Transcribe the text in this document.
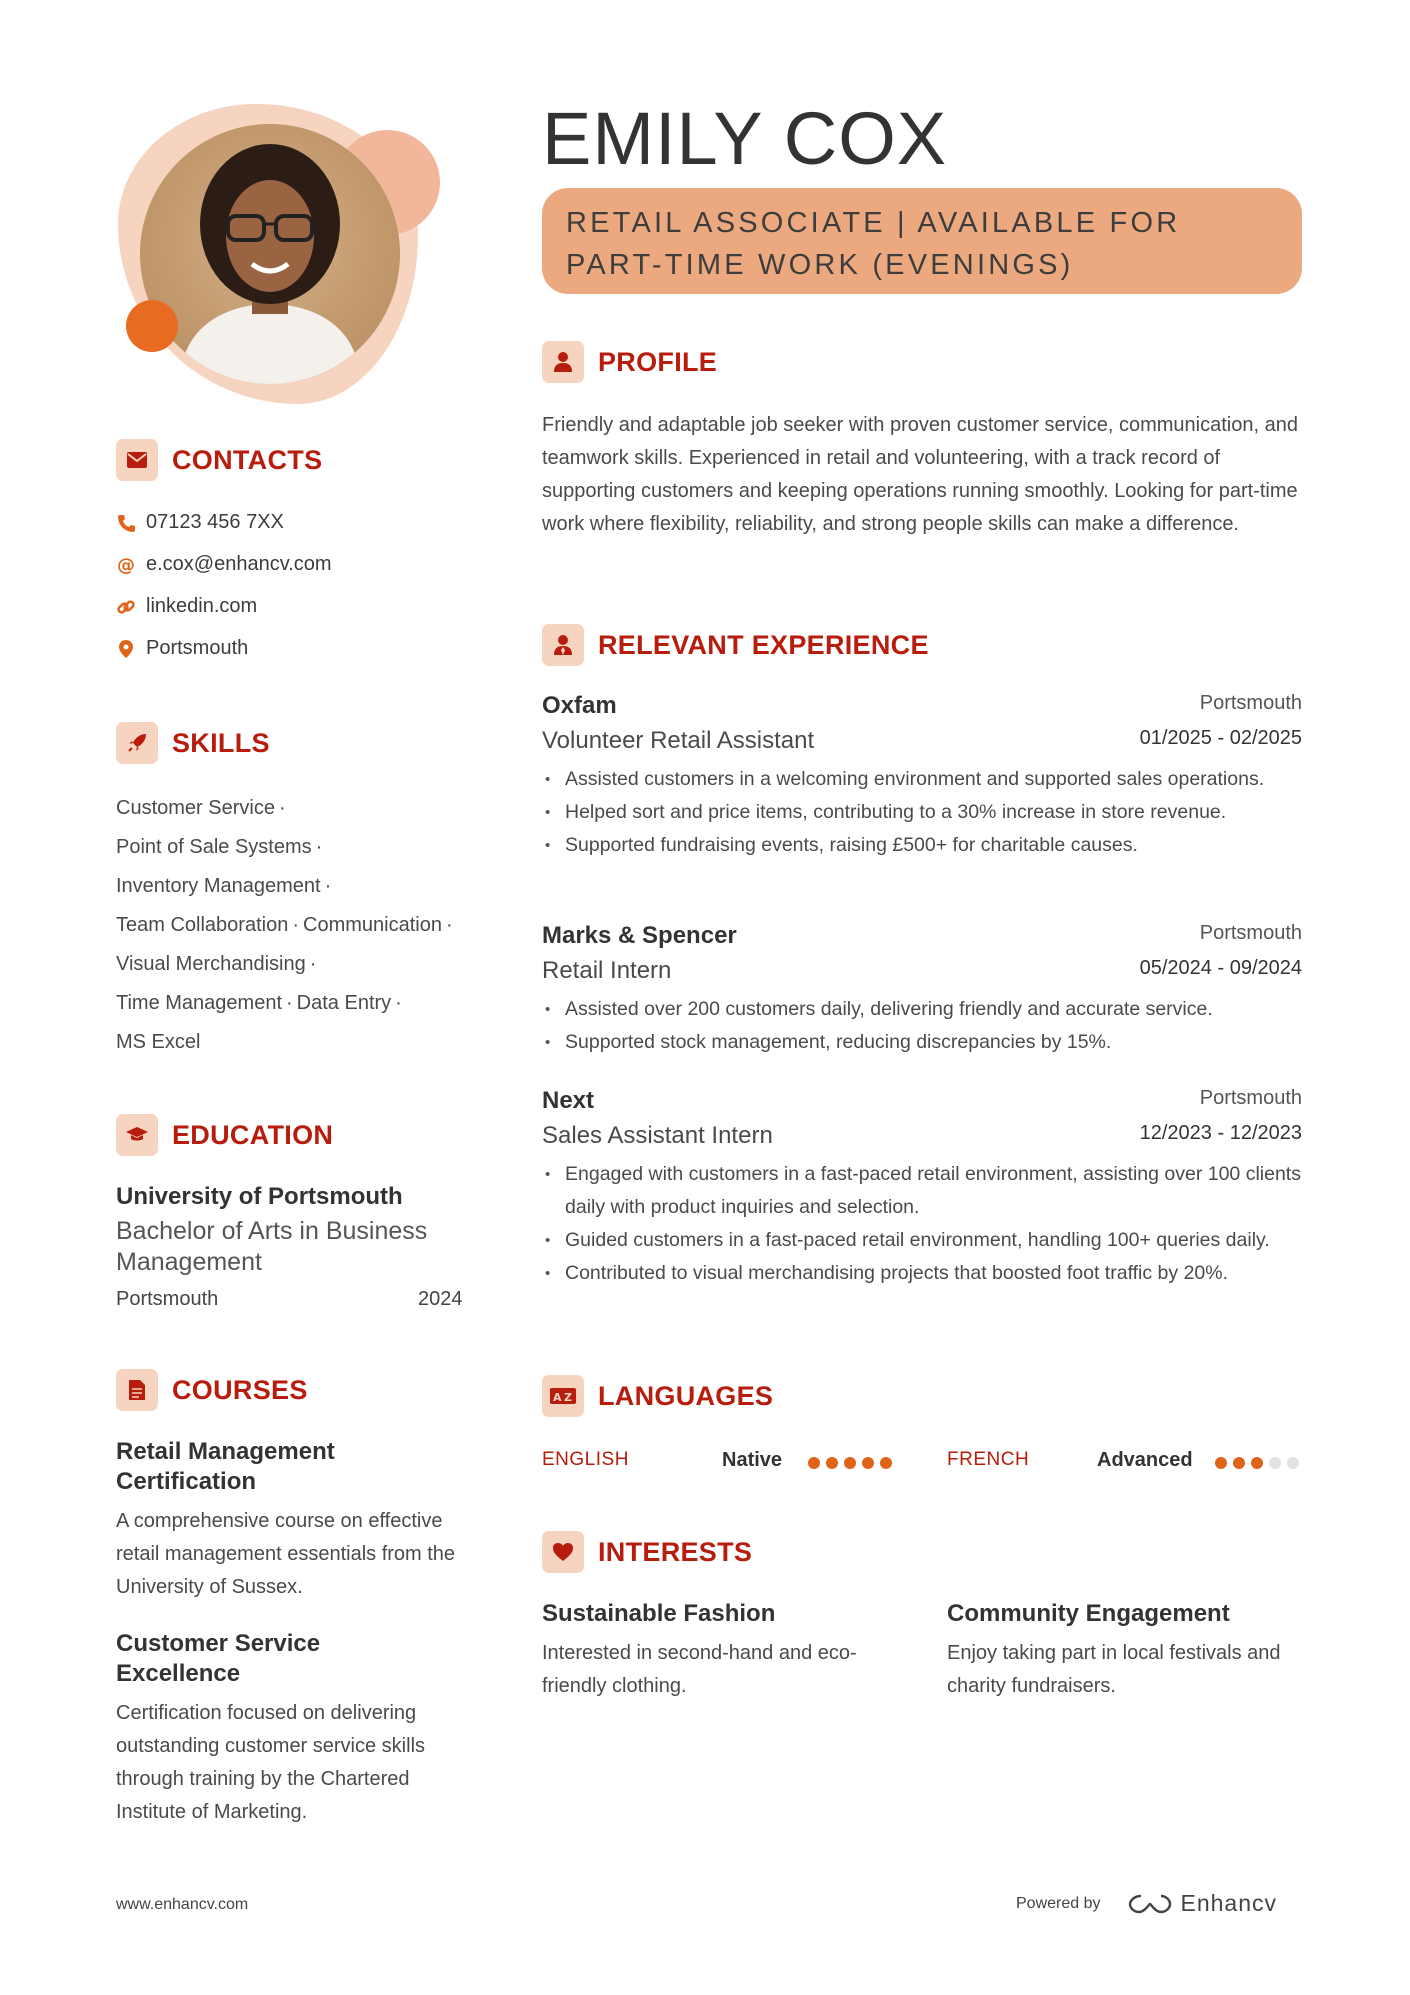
EMILY COX
RETAIL ASSOCIATE | AVAILABLE FOR PART-TIME WORK (EVENINGS)
CONTACTS
07123 456 7XX
@ e.cox@enhancv.com
linkedin.com
Portsmouth
SKILLS
Customer Service ·
Point of Sale Systems ·
Inventory Management ·
Team Collaboration · Communication ·
Visual Merchandising ·
Time Management · Data Entry ·
MS Excel
EDUCATION
University of Portsmouth
Bachelor of Arts in Business Management
Portsmouth	2024
COURSES
Retail Management Certification
A comprehensive course on effective retail management essentials from the University of Sussex.
Customer Service Excellence
Certification focused on delivering outstanding customer service skills through training by the Chartered Institute of Marketing.
PROFILE
Friendly and adaptable job seeker with proven customer service, communication, and teamwork skills. Experienced in retail and volunteering, with a track record of supporting customers and keeping operations running smoothly. Looking for part-time work where flexibility, reliability, and strong people skills can make a difference.
RELEVANT EXPERIENCE
Oxfam	Portsmouth
Volunteer Retail Assistant	01/2025 - 02/2025
• Assisted customers in a welcoming environment and supported sales operations.
• Helped sort and price items, contributing to a 30% increase in store revenue.
• Supported fundraising events, raising £500+ for charitable causes.
Marks & Spencer	Portsmouth
Retail Intern	05/2024 - 09/2024
• Assisted over 200 customers daily, delivering friendly and accurate service.
• Supported stock management, reducing discrepancies by 15%.
Next	Portsmouth
Sales Assistant Intern	12/2023 - 12/2023
• Engaged with customers in a fast-paced retail environment, assisting over 100 clients daily with product inquiries and selection.
• Guided customers in a fast-paced retail environment, handling 100+ queries daily.
• Contributed to visual merchandising projects that boosted foot traffic by 20%.
A Z LANGUAGES
ENGLISH	Native	FRENCH	Advanced
INTERESTS
Sustainable Fashion
Interested in second-hand and eco-friendly clothing.
Community Engagement
Enjoy taking part in local festivals and charity fundraisers.
www.enhancv.com	Powered by	Enhancv
